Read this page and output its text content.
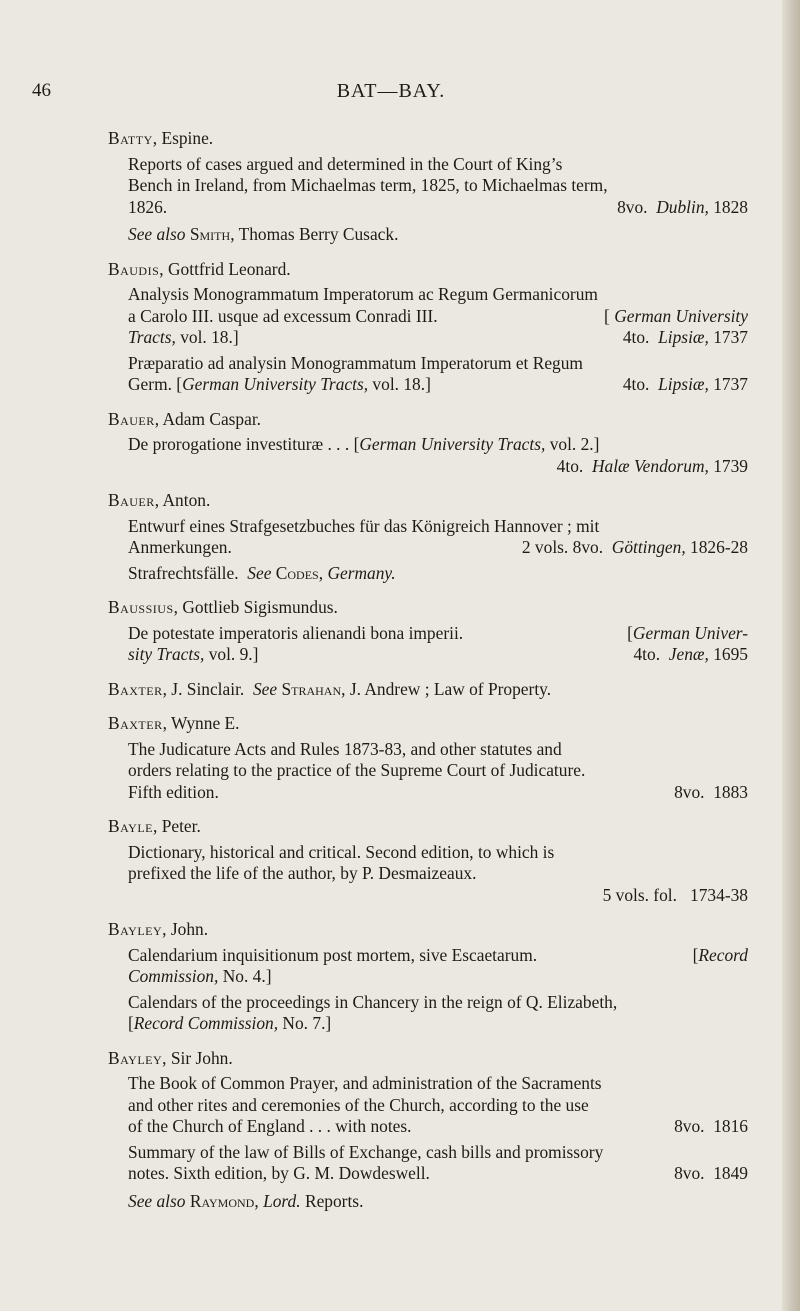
46	BAT—BAY.

Batty, Espine.

Reports of cases argued and determined in the Court of King’s
Bench in Ireland, from Michaelmas term, 1825, to Michaelmas term,
1826.	8vo. Dublin, 1828

See also Smith, Thomas Berry Cusack.

Baudis, Gottfrid Leonard.

Analysis Monogrammatum Imperatorum ac Regum Germanicorum
a Carolo III. usque ad excessum Conradi III.	[ German University
Tracts, vol. 18.]	4to. Lipsiæ, 1737
Præparatio ad analysin Monogrammatum Imperatorum et Regum
Germ. [German University Tracts, vol. 18.]	4to. Lipsiæ, 1737

Bauer, Adam Caspar.

De prorogatione investituræ . . . [German University Tracts, vol. 2.]
4to. Halæ Vendorum, 1739

Bauer, Anton.

Entwurf eines Strafgesetzbuches für das Königreich Hannover ; mit
Anmerkungen.	2 vols. 8vo. Göttingen, 1826-28
Strafrechtsfälle. See Codes, Germany.

Baussius, Gottlieb Sigismundus.

De potestate imperatoris alienandi bona imperii.	[German Univer-
sity Tracts, vol. 9.]	4to. Jenæ, 1695

Baxter, J. Sinclair. See Strahan, J. Andrew ; Law of Property.

Baxter, Wynne E.

The Judicature Acts and Rules 1873-83, and other statutes and
orders relating to the practice of the Supreme Court of Judicature.
Fifth edition.	8vo. 1883

Bayle, Peter.

Dictionary, historical and critical. Second edition, to which is
prefixed the life of the author, by P. Desmaizeaux.
5 vols. fol. 1734-38

Bayley, John.

Calendarium inquisitionum post mortem, sive Escaetarum.	[Record
Commission, No. 4.]
Calendars of the proceedings in Chancery in the reign of Q. Elizabeth,
[Record Commission, No. 7.]

Bayley, Sir John.

The Book of Common Prayer, and administration of the Sacraments
and other rites and ceremonies of the Church, according to the use
of the Church of England . . . with notes.	8vo. 1816
Summary of the law of Bills of Exchange, cash bills and promissory
notes. Sixth edition, by G. M. Dowdeswell.	8vo. 1849

See also Raymond, Lord. Reports.
